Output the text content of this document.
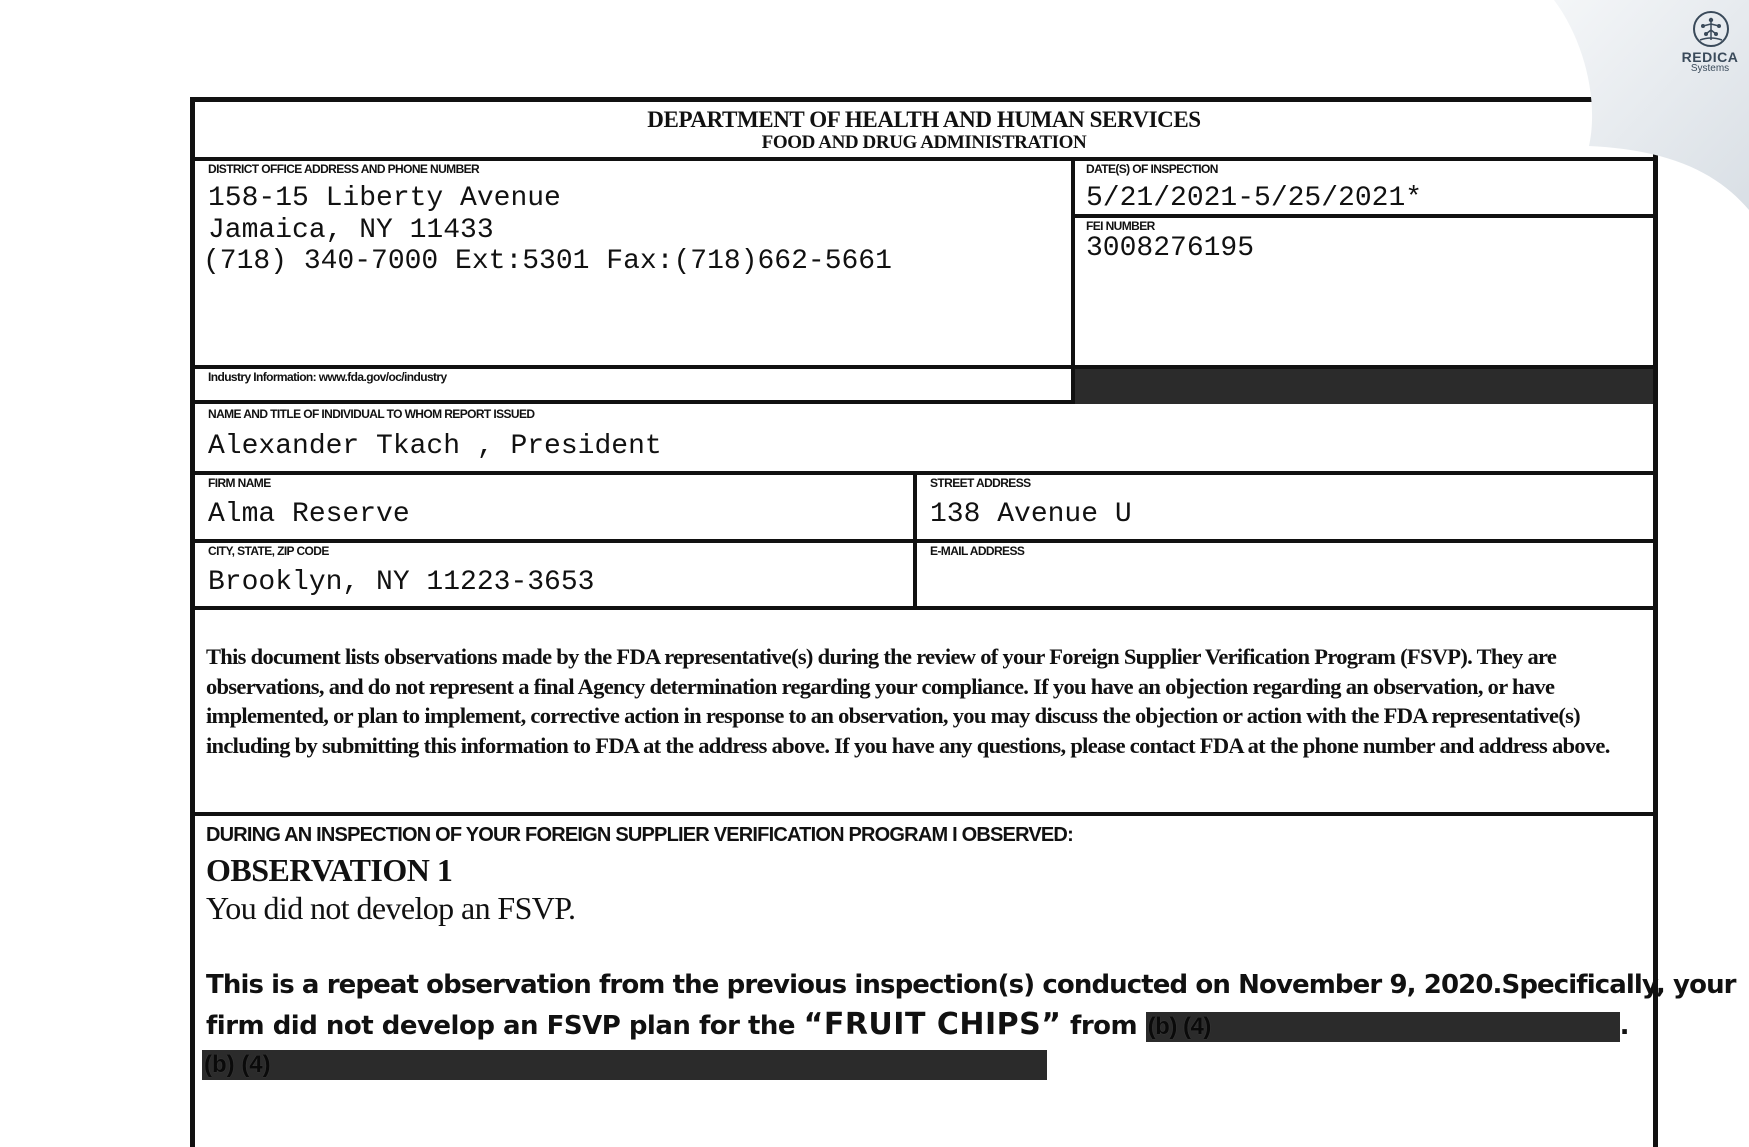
REDICA
Systems
DEPARTMENT OF HEALTH AND HUMAN SERVICES
FOOD AND DRUG ADMINISTRATION
DISTRICT OFFICE ADDRESS AND PHONE NUMBER
158-15 Liberty Avenue
Jamaica, NY 11433
(718) 340-7000 Ext:5301 Fax:(718)662-5661
DATE(S) OF INSPECTION
5/21/2021-5/25/2021*
FEI NUMBER
3008276195
Industry Information: www.fda.gov/oc/industry
NAME AND TITLE OF INDIVIDUAL TO WHOM REPORT ISSUED
Alexander Tkach , President
FIRM NAME
Alma Reserve
STREET ADDRESS
138 Avenue U
CITY, STATE, ZIP CODE
Brooklyn, NY 11223-3653
E-MAIL ADDRESS

This document lists observations made by the FDA representative(s) during the review of your Foreign Supplier Verification Program (FSVP). They are observations, and do not represent a final Agency determination regarding your compliance. If you have an objection regarding an observation, or have implemented, or plan to implement, corrective action in response to an observation, you may discuss the objection or action with the FDA representative(s) including by submitting this information to FDA at the address above. If you have any questions, please contact FDA at the phone number and address above.

DURING AN INSPECTION OF YOUR FOREIGN SUPPLIER VERIFICATION PROGRAM I OBSERVED:
OBSERVATION 1
You did not develop an FSVP.
This is a repeat observation from the previous inspection(s) conducted on November 9, 2020.Specifically, your
firm did not develop an FSVP plan for the “FRUIT CHIPS” from (b) (4)	.
(b) (4)
